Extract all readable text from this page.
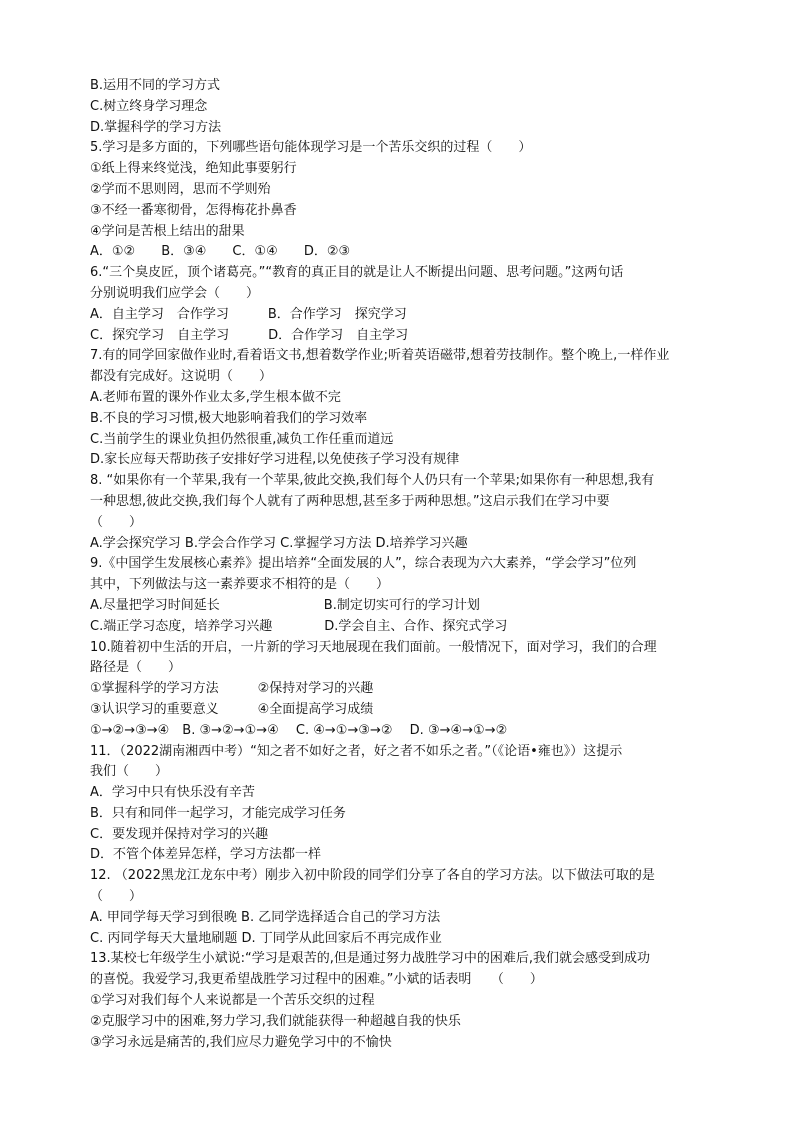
B.运用不同的学习方式
C.树立终身学习理念
D.掌握科学的学习方法
5.学习是多方面的，下列哪些语句能体现学习是一个苦乐交织的过程（　　）
①纸上得来终觉浅，绝知此事要躬行
②学而不思则罔，思而不学则殆
③不经一番寒彻骨，怎得梅花扑鼻香
④学问是苦根上结出的甜果
A．①②　　B．③④　　C．①④　　D．②③
6.“三个臭皮匠，顶个诸葛亮。”“教育的真正目的就是让人不断提出问题、思考问题。”这两句话
分别说明我们应学会（　　）
A．自主学习　合作学习　　　B．合作学习　探究学习
C．探究学习　自主学习　　　D．合作学习　自主学习
7.有的同学回家做作业时,看着语文书,想着数学作业;听着英语磁带,想着劳技制作。整个晚上,一样作业
都没有完成好。这说明（　　）
A.老师布置的课外作业太多,学生根本做不完
B.不良的学习习惯,极大地影响着我们的学习效率
C.当前学生的课业负担仍然很重,减负工作任重而道远
D.家长应每天帮助孩子安排好学习进程,以免使孩子学习没有规律
8. “如果你有一个苹果,我有一个苹果,彼此交换,我们每个人仍只有一个苹果;如果你有一种思想,我有
一种思想,彼此交换,我们每个人就有了两种思想,甚至多于两种思想。”这启示我们在学习中要
（　　）
A.学会探究学习 B.学会合作学习 C.掌握学习方法 D.培养学习兴趣
9.《中国学生发展核心素养》提出培养“全面发展的人”，综合表现为六大素养，“学会学习”位列
其中，下列做法与这一素养要求不相符的是（　　）
A.尽量把学习时间延长　　　　　　　　B.制定切实可行的学习计划
C.端正学习态度，培养学习兴趣　　　　D.学会自主、合作、探究式学习
10.随着初中生活的开启，一片新的学习天地展现在我们面前。一般情况下，面对学习，我们的合理
路径是（　　）
①掌握科学的学习方法　　　②保持对学习的兴趣
③认识学习的重要意义　　　④全面提高学习成绩
①→②→③→④　B. ③→②→①→④　 C. ④→①→③→②　 D. ③→④→①→②
11．（2022湖南湘西中考）“知之者不如好之者，好之者不如乐之者。”（《论语•雍也》）这提示
我们（　　）
A．学习中只有快乐没有辛苦
B．只有和同伴一起学习，才能完成学习任务
C．要发现并保持对学习的兴趣
D．不管个体差异怎样，学习方法都一样
12. （2022黑龙江龙东中考）刚步入初中阶段的同学们分享了各自的学习方法。以下做法可取的是
（　　）
A. 甲同学每天学习到很晚 B. 乙同学选择适合自己的学习方法
C. 丙同学每天大量地刷题 D. 丁同学从此回家后不再完成作业
13.某校七年级学生小斌说:“学习是艰苦的,但是通过努力战胜学习中的困难后,我们就会感受到成功
的喜悦。我爱学习,我更希望战胜学习过程中的困难。”小斌的话表明　　（　　）
①学习对我们每个人来说都是一个苦乐交织的过程
②克服学习中的困难,努力学习,我们就能获得一种超越自我的快乐
③学习永远是痛苦的,我们应尽力避免学习中的不愉快
